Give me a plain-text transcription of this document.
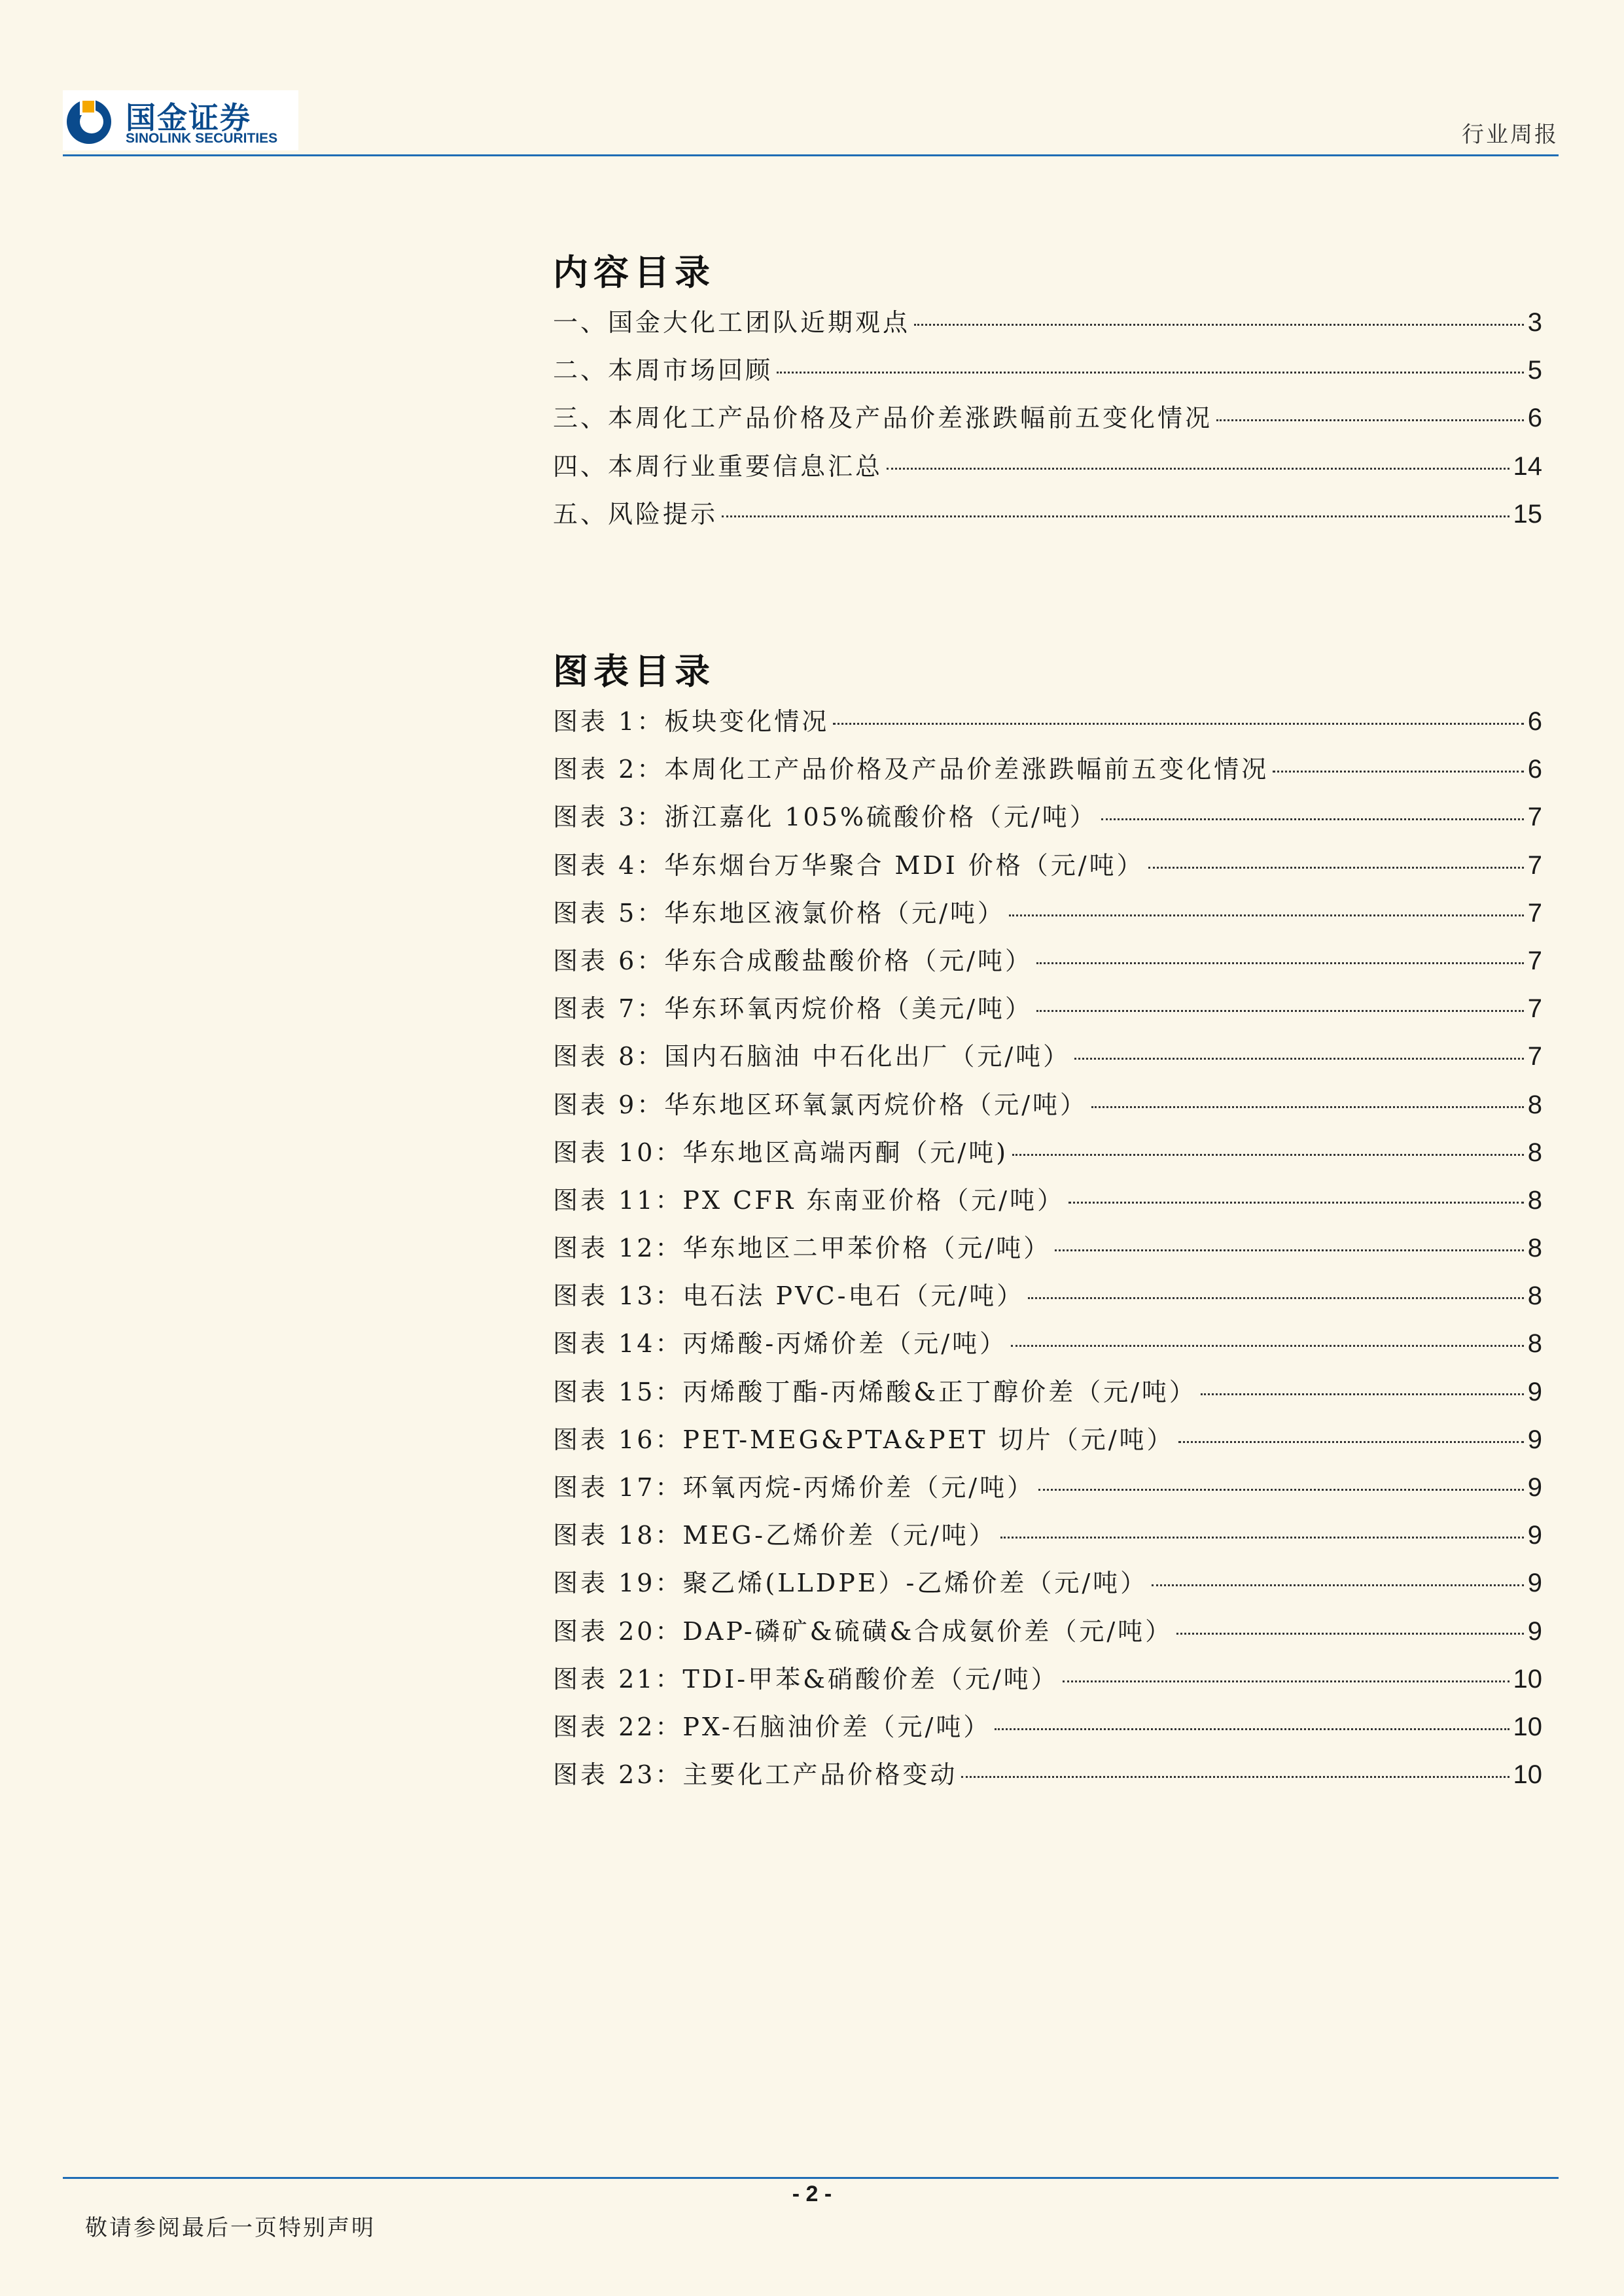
国金证券
SINOLINK SECURITIES	行业周报
内容目录
一、国金大化工团队近期观点	3
二、本周市场回顾	5
三、本周化工产品价格及产品价差涨跌幅前五变化情况	6
四、本周行业重要信息汇总	14
五、风险提示	15
图表目录
图表 1：板块变化情况	6
图表 2：本周化工产品价格及产品价差涨跌幅前五变化情况	6
图表 3：浙江嘉化 105%硫酸价格（元/吨）	7
图表 4：华东烟台万华聚合 MDI 价格（元/吨）	7
图表 5：华东地区液氯价格（元/吨）	7
图表 6：华东合成酸盐酸价格（元/吨）	7
图表 7：华东环氧丙烷价格（美元/吨）	7
图表 8：国内石脑油 中石化出厂（元/吨）	7
图表 9：华东地区环氧氯丙烷价格（元/吨）	8
图表 10：华东地区高端丙酮（元/吨)	8
图表 11：PX CFR 东南亚价格（元/吨）	8
图表 12：华东地区二甲苯价格（元/吨）	8
图表 13：电石法 PVC-电石（元/吨）	8
图表 14：丙烯酸-丙烯价差（元/吨）	8
图表 15：丙烯酸丁酯-丙烯酸&正丁醇价差（元/吨）	9
图表 16：PET-MEG&PTA&PET 切片（元/吨）	9
图表 17：环氧丙烷-丙烯价差（元/吨）	9
图表 18：MEG-乙烯价差（元/吨）	9
图表 19：聚乙烯(LLDPE）-乙烯价差（元/吨）	9
图表 20：DAP-磷矿&硫磺&合成氨价差（元/吨）	9
图表 21：TDI-甲苯&硝酸价差（元/吨）	10
图表 22：PX-石脑油价差（元/吨）	10
图表 23：主要化工产品价格变动	10
- 2 -
敬请参阅最后一页特别声明
